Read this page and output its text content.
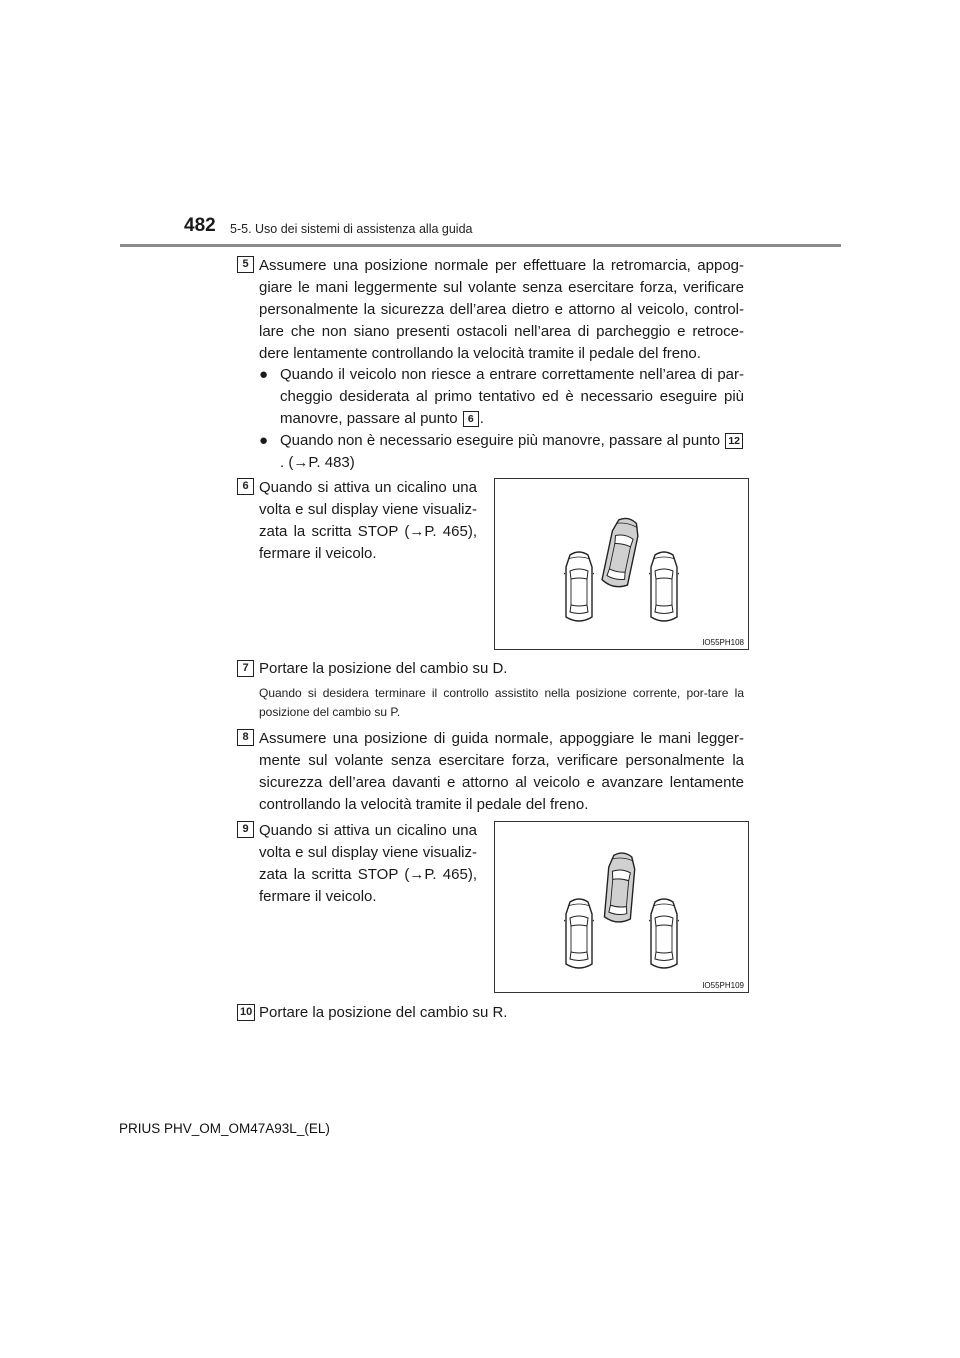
482 5-5. Uso dei sistemi di assistenza alla guida
5 Assumere una posizione normale per effettuare la retromarcia, appog-giare le mani leggermente sul volante senza esercitare forza, verificare personalmente la sicurezza dell’area dietro e attorno al veicolo, control-lare che non siano presenti ostacoli nell’area di parcheggio e retroce-dere lentamente controllando la velocità tramite il pedale del freno.

● Quando il veicolo non riesce a entrare correttamente nell’area di par-cheggio desiderata al primo tentativo ed è necessario eseguire più manovre, passare al punto 6 .
● Quando non è necessario eseguire più manovre, passare al punto 12. (→P. 483)
6 Quando si attiva un cicalino una volta e sul display viene visualiz-zata la scritta STOP (→P. 465), fermare il veicolo.

IO55PH108
7 Portare la posizione del cambio su D.

Quando si desidera terminare il controllo assistito nella posizione corrente, por-tare la posizione del cambio su P.

8 Assumere una posizione di guida normale, appoggiare le mani legger-mente sul volante senza esercitare forza, verificare personalmente la sicurezza dell’area davanti e attorno al veicolo e avanzare lentamente controllando la velocità tramite il pedale del freno.

9 Quando si attiva un cicalino una volta e sul display viene visualiz-zata la scritta STOP (→P. 465), fermare il veicolo.

IO55PH109
10 Portare la posizione del cambio su R.

PRIUS PHV_OM_OM47A93L_(EL)
